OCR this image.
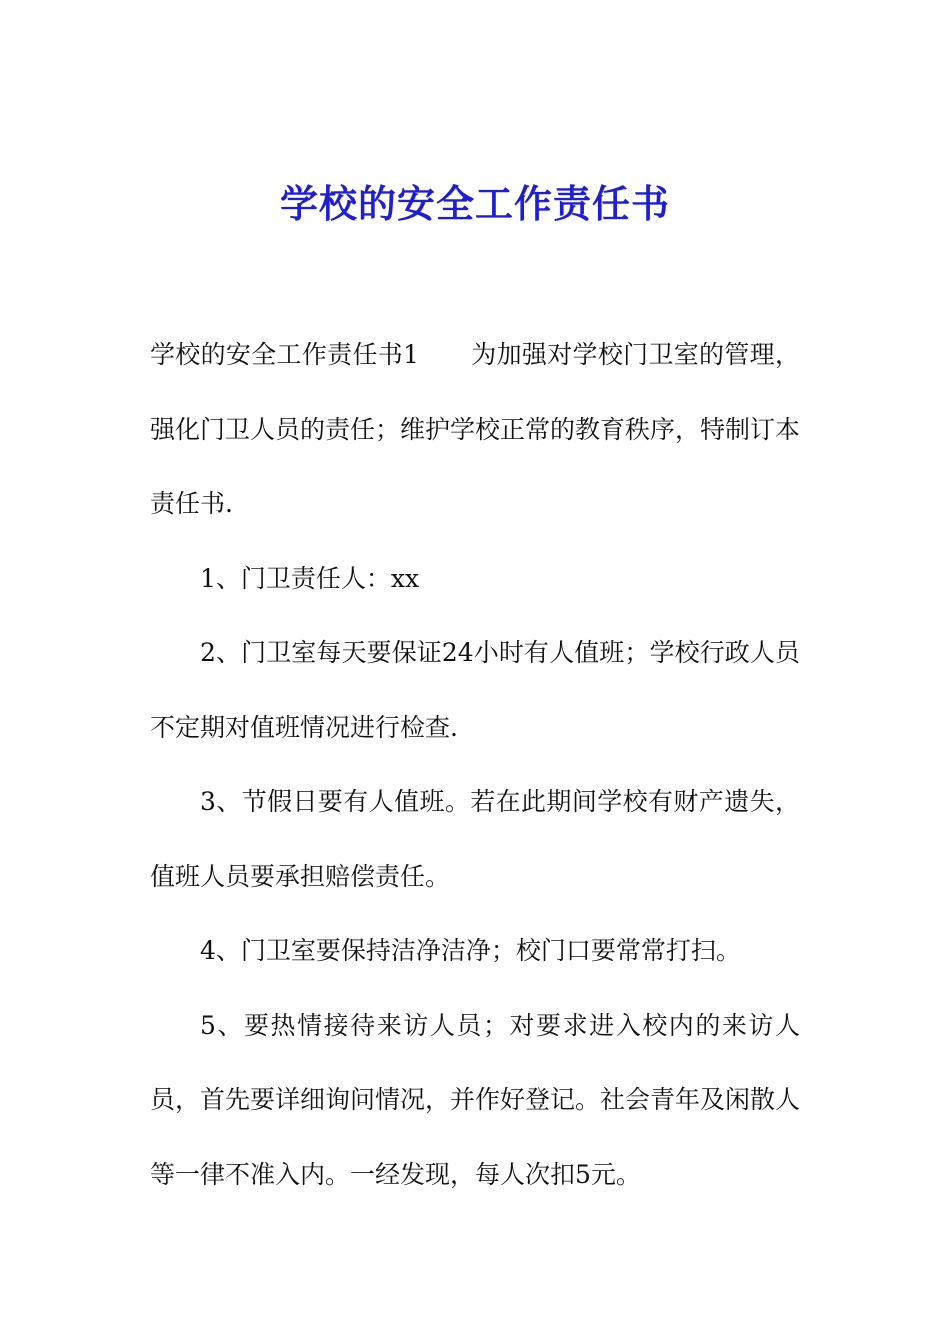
学校的安全工作责任书

学校的安全工作责任书1 为加强对学校门卫室的管理，强化门卫人员的责任；维护学校正常的教育秩序，特制订本责任书.

1、门卫责任人：xx

2、门卫室每天要保证24小时有人值班；学校行政人员不定期对值班情况进行检查.

3、节假日要有人值班。若在此期间学校有财产遗失，值班人员要承担赔偿责任。

4、门卫室要保持洁净洁净；校门口要常常打扫。

5、要热情接待来访人员；对要求进入校内的来访人员，首先要详细询问情况，并作好登记。社会青年及闲散人等一律不准入内。一经发现，每人次扣5元。
